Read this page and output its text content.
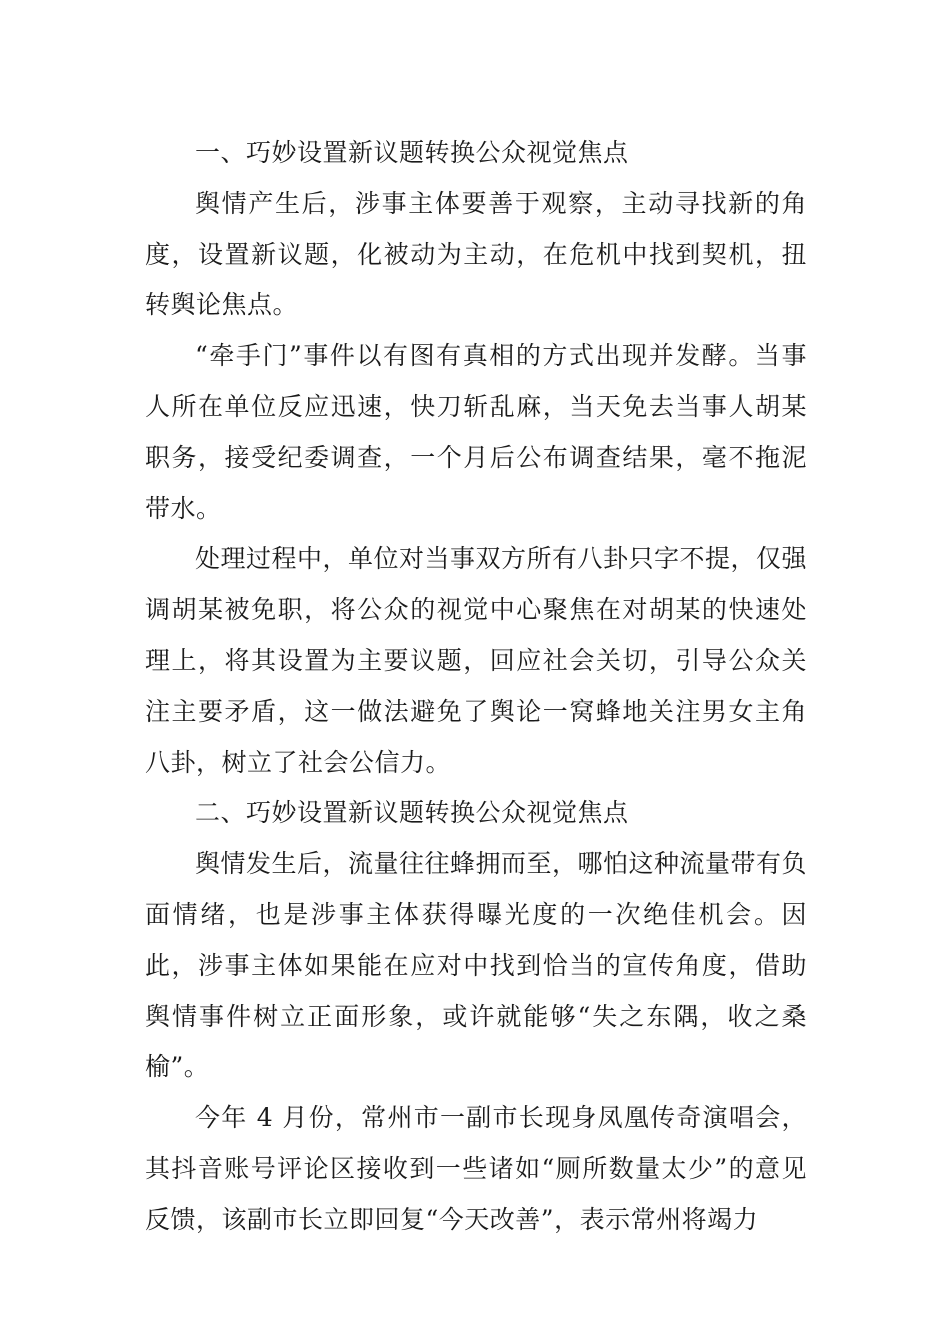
一、巧妙设置新议题转换公众视觉焦点

舆情产生后，涉事主体要善于观察，主动寻找新的角度，设置新议题，化被动为主动，在危机中找到契机，扭转舆论焦点。

“牵手门”事件以有图有真相的方式出现并发酵。当事人所在单位反应迅速，快刀斩乱麻，当天免去当事人胡某职务，接受纪委调查，一个月后公布调查结果，毫不拖泥带水。

处理过程中，单位对当事双方所有八卦只字不提，仅强调胡某被免职，将公众的视觉中心聚焦在对胡某的快速处理上，将其设置为主要议题，回应社会关切，引导公众关注主要矛盾，这一做法避免了舆论一窝蜂地关注男女主角八卦，树立了社会公信力。

二、巧妙设置新议题转换公众视觉焦点

舆情发生后，流量往往蜂拥而至，哪怕这种流量带有负面情绪，也是涉事主体获得曝光度的一次绝佳机会。因此，涉事主体如果能在应对中找到恰当的宣传角度，借助舆情事件树立正面形象，或许就能够“失之东隅，收之桑榆”。

今年 4 月份，常州市一副市长现身凤凰传奇演唱会，其抖音账号评论区接收到一些诸如“厕所数量太少”的意见反馈，该副市长立即回复“今天改善”，表示常州将竭力
